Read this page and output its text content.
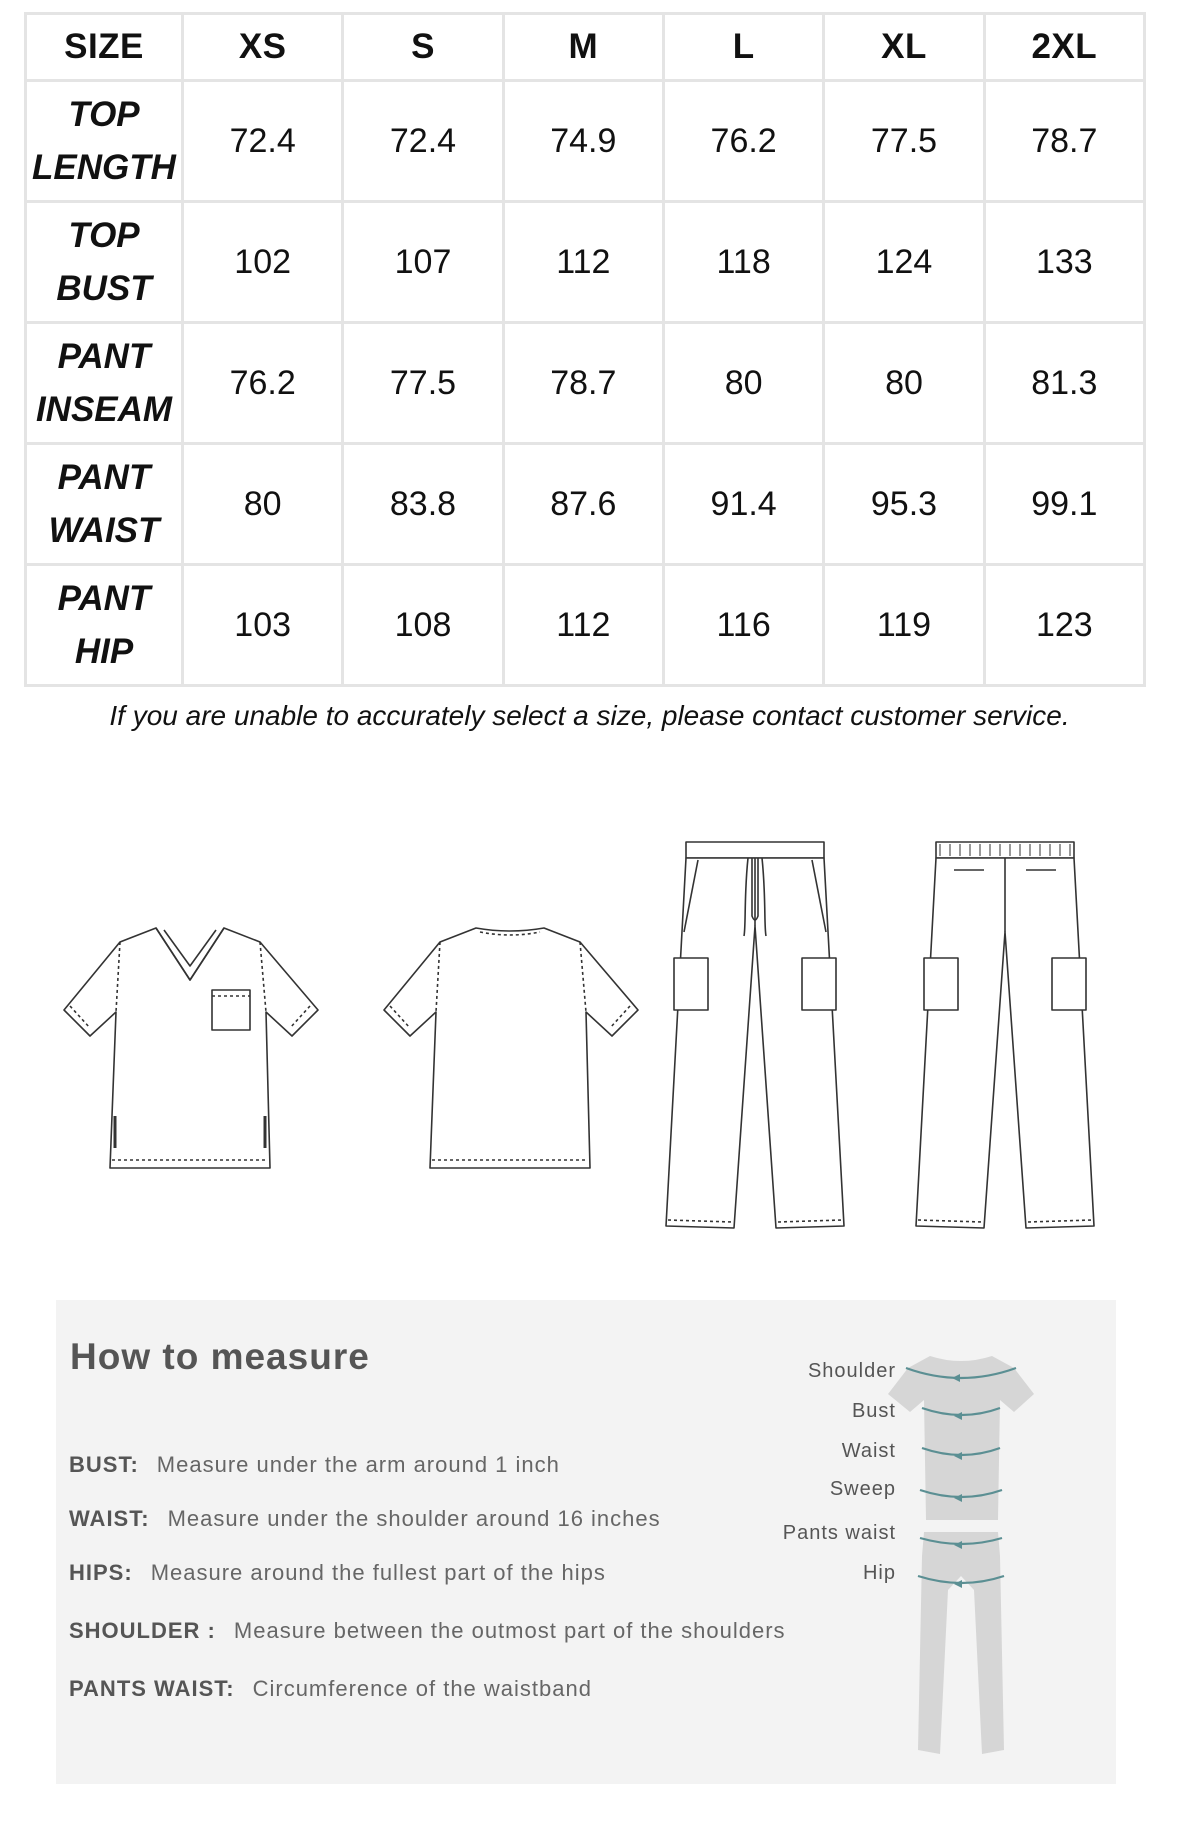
SIZE	XS	S	M	L	XL	2XL
TOP
LENGTH	72.4	72.4	74.9	76.2	77.5	78.7
TOP
BUST	102	107	112	118	124	133
PANT
INSEAM	76.2	77.5	78.7	80	80	81.3
PANT
WAIST	80	83.8	87.6	91.4	95.3	99.1
PANT
HIP	103	108	112	116	119	123
If you are unable to accurately select a size, please contact customer service.
How to measure
BUST: Measure under the arm around 1 inch
WAIST: Measure under the shoulder around 16 inches
HIPS: Measure around the fullest part of the hips
SHOULDER : Measure between the outmost part of the shoulders
PANTS WAIST: Circumference of the waistband
Shoulder
Bust
Waist
Sweep
Pants waist
Hip
